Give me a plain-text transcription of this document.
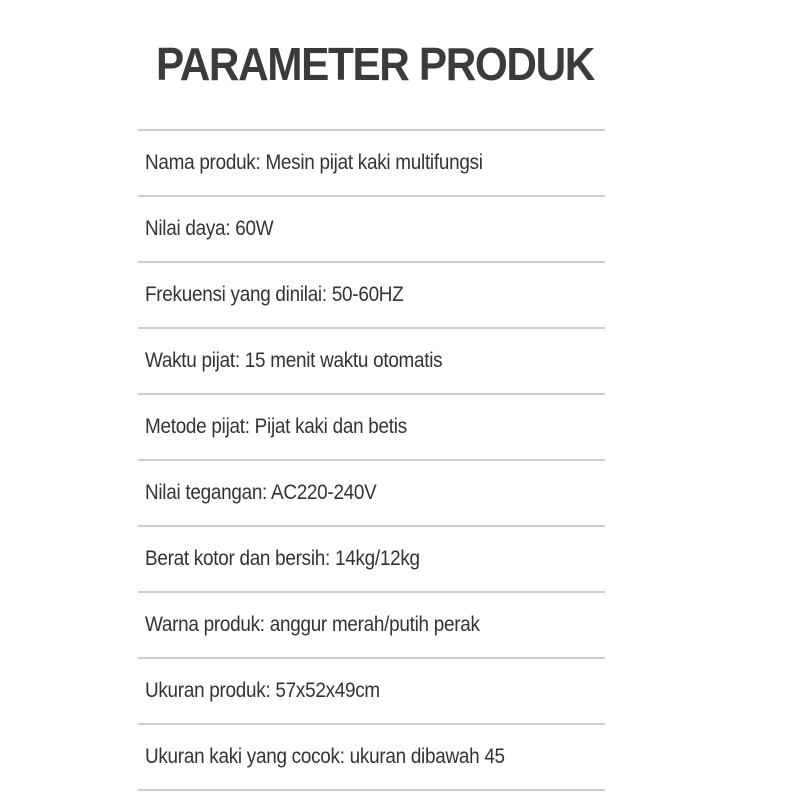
PARAMETER PRODUK
Nama produk: Mesin pijat kaki multifungsi
Nilai daya: 60W
Frekuensi yang dinilai: 50-60HZ
Waktu pijat: 15 menit waktu otomatis
Metode pijat: Pijat kaki dan betis
Nilai tegangan: AC220-240V
Berat kotor dan bersih: 14kg/12kg
Warna produk: anggur merah/putih perak
Ukuran produk: 57x52x49cm
Ukuran kaki yang cocok: ukuran dibawah 45
